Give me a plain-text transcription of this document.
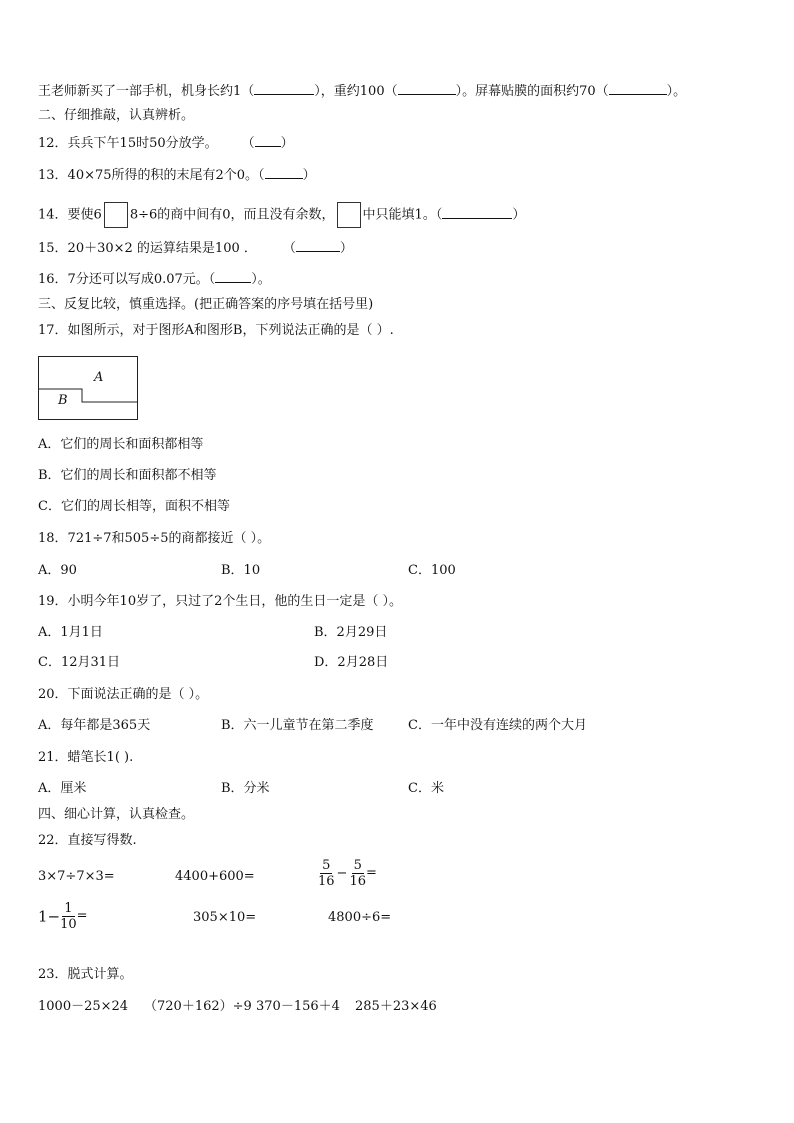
王老师新买了一部手机，机身长约1（	），重约100（	）。屏幕贴膜的面积约70（	）。
二、仔细推敲，认真辨析。
12．兵兵下午15时50分放学。 （ ）
13．40×75所得的积的末尾有2个0。（	）
14．要使6 8÷6的商中间有0，而且没有余数， 中只能填1。（	）
15．20＋30×2 的运算结果是100 ． （	）
16．7分还可以写成0.07元。（	）。
三、反复比较，慎重选择。(把正确答案的序号填在括号里)
17．如图所示，对于图形A和图形B，下列说法正确的是（ ）.
A
B
A．它们的周长和面积都相等
B．它们的周长和面积都不相等
C．它们的周长相等，面积不相等
18．721÷7和505÷5的商都接近（ ）。
A．90	B．10	C．100
19．小明今年10岁了，只过了2个生日，他的生日一定是（ ）。
A．1月1日	B．2月29日
C．12月31日	D．2月28日
20．下面说法正确的是（ ）。
A．每年都是365天	B．六一儿童节在第二季度	C．一年中没有连续的两个大月
21．蜡笔长1( ).
A．厘米	B．分米	C．米
四、细心计算，认真检查。
22．直接写得数.
3×7÷7×3=	4400+600=	$\frac{5}{16} - \frac{5}{16}$ =
$1- \frac{1}{10}$ =	305×10=	4800÷6=
23．脱式计算。
1000－25×24 （720＋162）÷9 370－156＋4 285＋23×46
